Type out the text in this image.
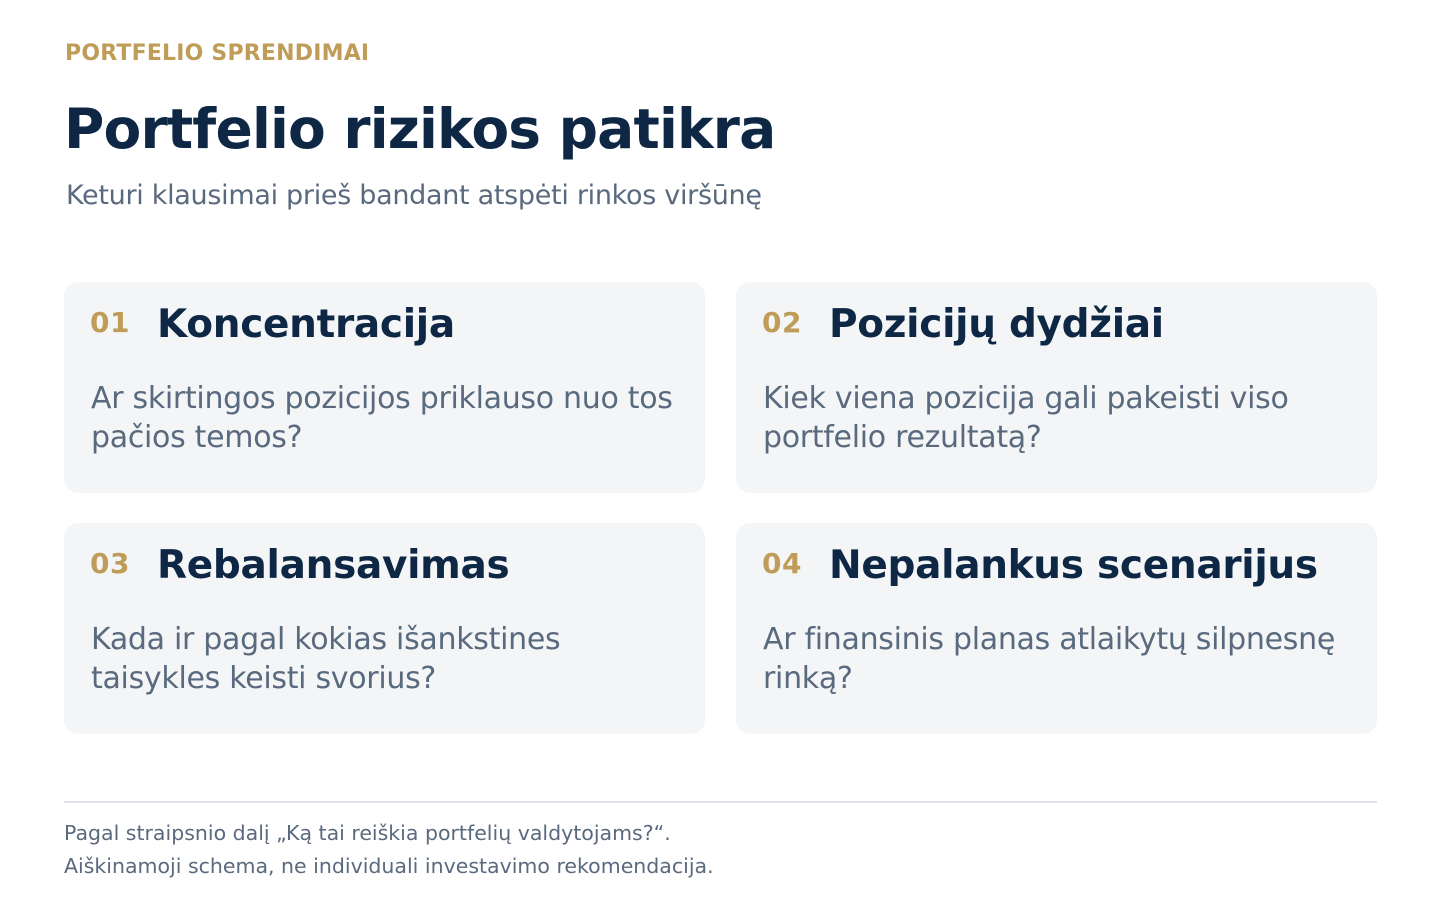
PORTFELIO SPRENDIMAI
Portfelio rizikos patikra
Keturi klausimai prieš bandant atspėti rinkos viršūnę
01 Koncentracija
Ar skirtingos pozicijos priklauso nuo tos pačios temos?
02 Pozicijų dydžiai
Kiek viena pozicija gali pakeisti viso portfelio rezultatą?
03 Rebalansavimas
Kada ir pagal kokias išankstines taisykles keisti svorius?
04 Nepalankus scenarijus
Ar finansinis planas atlaikytų silpnesnę rinką?
Pagal straipsnio dalį „Ką tai reiškia portfelių valdytojams?“.
Aiškinamoji schema, ne individuali investavimo rekomendacija.
